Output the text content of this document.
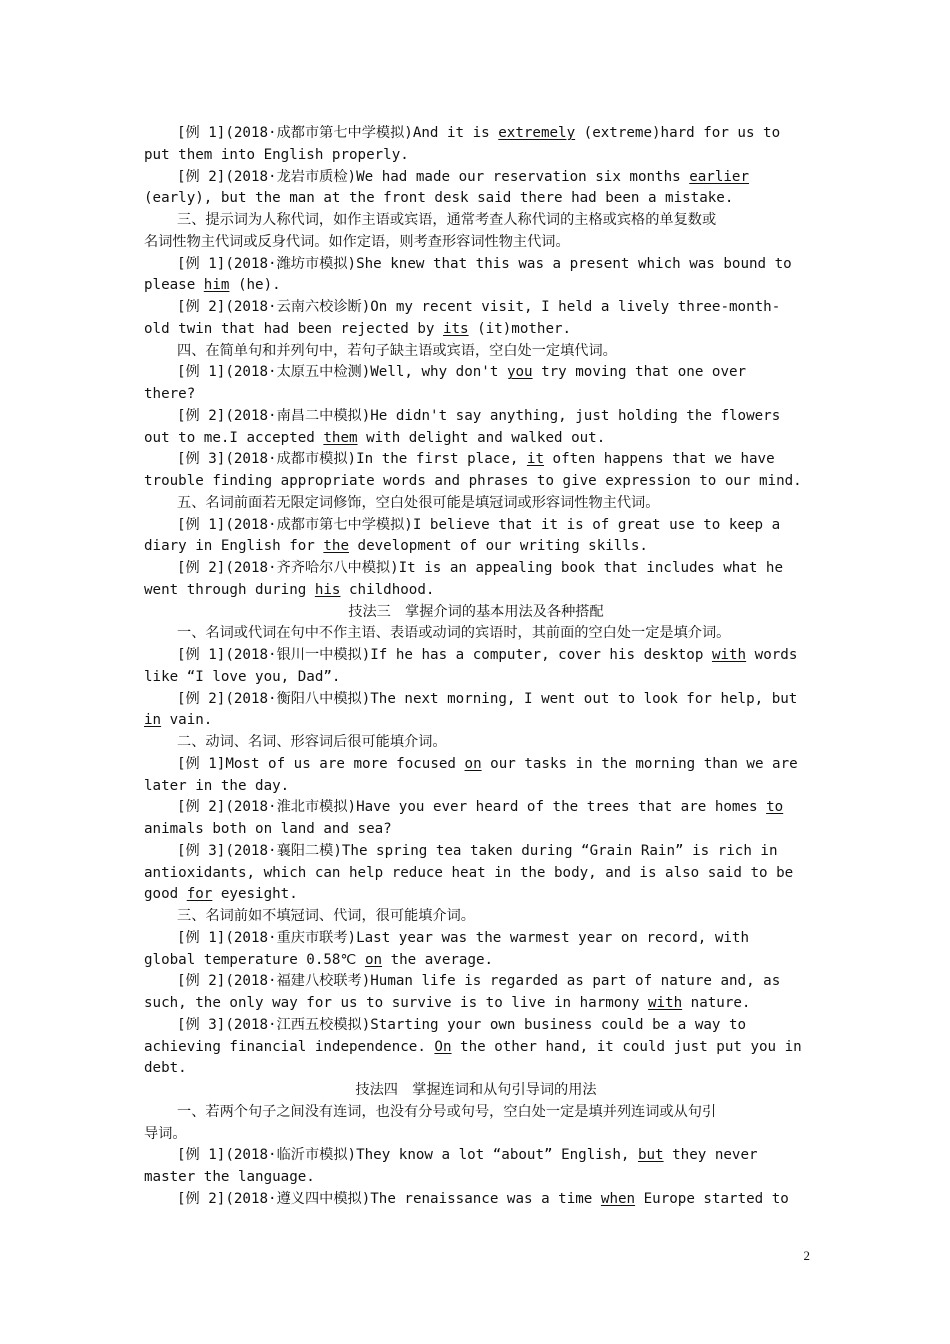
[例 1](2018·成都市第七中学模拟)And it is extremely (extreme)hard for us to
put them into English properly.
[例 2](2018·龙岩市质检)We had made our reservation six months earlier
(early), but the man at the front desk said there had been a mistake.
三、提示词为人称代词，如作主语或宾语，通常考查人称代词的主格或宾格的单复数或
名词性物主代词或反身代词。如作定语，则考查形容词性物主代词。
[例 1](2018·潍坊市模拟)She knew that this was a present which was bound to
please him (he).
[例 2](2018·云南六校诊断)On my recent visit, I held a lively three-month-
old twin that had been rejected by its (it)mother.
四、在简单句和并列句中，若句子缺主语或宾语，空白处一定填代词。
[例 1](2018·太原五中检测)Well, why don't you try moving that one over
there?
[例 2](2018·南昌二中模拟)He didn't say anything, just holding the flowers
out to me.I accepted them with delight and walked out.
[例 3](2018·成都市模拟)In the first place, it often happens that we have
trouble finding appropriate words and phrases to give expression to our mind.
五、名词前面若无限定词修饰，空白处很可能是填冠词或形容词性物主代词。
[例 1](2018·成都市第七中学模拟)I believe that it is of great use to keep a
diary in English for the development of our writing skills.
[例 2](2018·齐齐哈尔八中模拟)It is an appealing book that includes what he
went through during his childhood.
技法三　掌握介词的基本用法及各种搭配
一、名词或代词在句中不作主语、表语或动词的宾语时，其前面的空白处一定是填介词。
[例 1](2018·银川一中模拟)If he has a computer, cover his desktop with words
like “I love you, Dad”.
[例 2](2018·衡阳八中模拟)The next morning, I went out to look for help, but
in vain.
二、动词、名词、形容词后很可能填介词。
[例 1]Most of us are more focused on our tasks in the morning than we are
later in the day.
[例 2](2018·淮北市模拟)Have you ever heard of the trees that are homes to
animals both on land and sea?
[例 3](2018·襄阳二模)The spring tea taken during “Grain Rain” is rich in
antioxidants, which can help reduce heat in the body, and is also said to be
good for eyesight.
三、名词前如不填冠词、代词，很可能填介词。
[例 1](2018·重庆市联考)Last year was the warmest year on record, with
global temperature 0.58℃ on the average.
[例 2](2018·福建八校联考)Human life is regarded as part of nature and, as
such, the only way for us to survive is to live in harmony with nature.
[例 3](2018·江西五校模拟)Starting your own business could be a way to
achieving financial independence. On the other hand, it could just put you in
debt.
技法四　掌握连词和从句引导词的用法
一、若两个句子之间没有连词，也没有分号或句号，空白处一定是填并列连词或从句引
导词。
[例 1](2018·临沂市模拟)They know a lot “about” English, but they never
master the language.
[例 2](2018·遵义四中模拟)The renaissance was a time when Europe started to
2
